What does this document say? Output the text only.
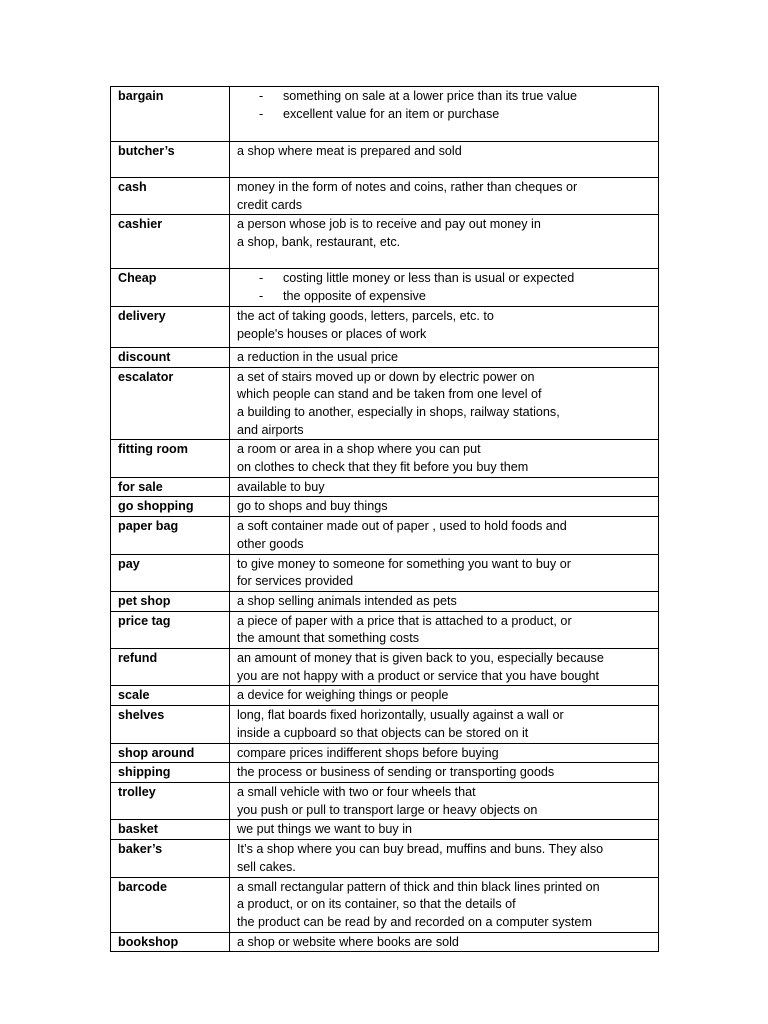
bargain	- something on sale at a lower price than its true value
- excellent value for an item or purchase

butcher’s	a shop where meat is prepared and sold

cash	money in the form of notes and coins, rather than cheques or
credit cards

cashier	a person whose job is to receive and pay out money in
a shop, bank, restaurant, etc.

Cheap	- costing little money or less than is usual or expected
- the opposite of expensive

delivery	the act of taking goods, letters, parcels, etc. to
people's houses or places of work

discount	a reduction in the usual price

escalator	a set of stairs moved up or down by electric power on
which people can stand and be taken from one level of
a building to another, especially in shops, railway stations,
and airports

fitting room	a room or area in a shop where you can put
on clothes to check that they fit before you buy them

for sale	available to buy

go shopping	go to shops and buy things

paper bag	a soft container made out of paper , used to hold foods and
other goods

pay	to give money to someone for something you want to buy or
for services provided

pet shop	a shop selling animals intended as pets

price tag	a piece of paper with a price that is attached to a product, or
the amount that something costs

refund	an amount of money that is given back to you, especially because
you are not happy with a product or service that you have bought

scale	a device for weighing things or people

shelves	long, flat boards fixed horizontally, usually against a wall or
inside a cupboard so that objects can be stored on it

shop around	compare prices indifferent shops before buying

shipping	the process or business of sending or transporting goods

trolley	a small vehicle with two or four wheels that
you push or pull to transport large or heavy objects on

basket	we put things we want to buy in

baker’s	It’s a shop where you can buy bread, muffins and buns. They also
sell cakes.

barcode	a small rectangular pattern of thick and thin black lines printed on
a product, or on its container, so that the details of
the product can be read by and recorded on a computer system

bookshop	a shop or website where books are sold
